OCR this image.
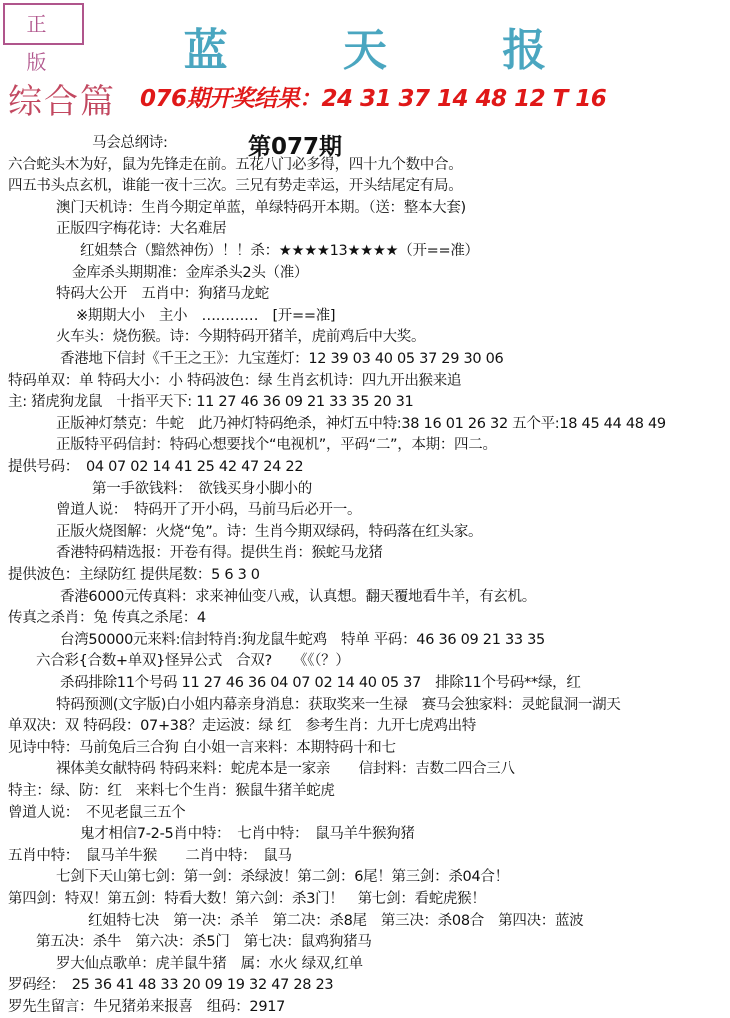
正 版	蓝 天 报
综合篇 076期开奖结果：24 31 37 14 48 12 T 16
第077期
马会总纲诗:
六合蛇头木为好，鼠为先锋走在前。五花八门必多得，四十九个数中合。
四五书头点玄机，谁能一夜十三次。三兄有势走幸运，开头结尾定有局。
澳门天机诗：生肖今期定单蓝，单绿特码开本期。（送：整本大套)
正版四字梅花诗：大名难居
红姐禁合（黯然神伤）！！杀：★★★★13★★★★（开==准）
金库杀头期期准：金库杀头2头（准）
特码大公开　五肖中：狗猪马龙蛇
※期期大小　主小　…………　[开==准]
火车头：烧伤猴。诗：今期特码开猪羊，虎前鸡后中大奖。
香港地下信封《千王之王》：九宝莲灯：12 39 03 40 05 37 29 30 06
特码单双：单 特码大小：小 特码波色：绿 生肖玄机诗：四九开出猴来追
主: 猪虎狗龙鼠　十指平天下: 11 27 46 36 09 21 33 35 20 31
正版神灯禁克：牛蛇　此乃神灯特码绝杀，神灯五中特:38 16 01 26 32 五个平:18 45 44 48 49
正版特平码信封：特码心想要找个“电视机”，平码“二”，本期：四二。
提供号码：　04 07 02 14 41 25 42 47 24 22
第一手欲钱料：　欲钱买身小脚小的
曾道人说：　特码开了开小码，马前马后必开一。
正版火烧图解：火烧“兔”。诗：生肖今期双绿码，特码落在红头家。
香港特码精选报：开卷有得。提供生肖：猴蛇马龙猪
提供波色：主绿防红 提供尾数：5 6 3 0
香港6000元传真料：求来神仙变八戒，认真想。翻天覆地看牛羊，有玄机。
传真之杀肖：兔 传真之杀尾：4
台湾50000元来料:信封特肖:狗龙鼠牛蛇鸡　特单 平码：46 36 09 21 33 35
六合彩{合数+单双}怪异公式　合双?　　《《（？）
杀码排除11个号码 11 27 46 36 04 07 02 14 40 05 37　排除11个号码**绿，红
特码预测(文字版)白小姐内幕亲身消息：获取奖来一生禄　赛马会独家料：灵蛇鼠洞一湖天
单双决：双 特码段：07+38？走运波：绿 红　参考生肖：九开七虎鸡出特
见诗中特：马前兔后三合狗 白小姐一言来料：本期特码十和七
裸体美女献特码 特码来料：蛇虎本是一家亲　　信封料：吉数二四合三八
特主：绿、防：红　来料七个生肖：猴鼠牛猪羊蛇虎
曾道人说：　不见老鼠三五个
鬼才相信7-2-5肖中特：　七肖中特：　鼠马羊牛猴狗猪
五肖中特：　鼠马羊牛猴　　二肖中特：　鼠马
七剑下天山第七剑：第一剑：杀绿波！第二剑：6尾！第三剑：杀04合！
第四剑：特双！第五剑：特看大数！第六剑：杀3门！　第七剑：看蛇虎猴！
红姐特七决　第一决：杀羊　第二决：杀8尾　第三决：杀08合　第四决：蓝波
第五决：杀牛　第六决：杀5门　第七决：鼠鸡狗猪马
罗大仙点歌单：虎羊鼠牛猪　属：水火 绿双,红单
罗码经：　25 36 41 48 33 20 09 19 32 47 28 23
罗先生留言：牛兄猪弟来报喜　组码：2917
